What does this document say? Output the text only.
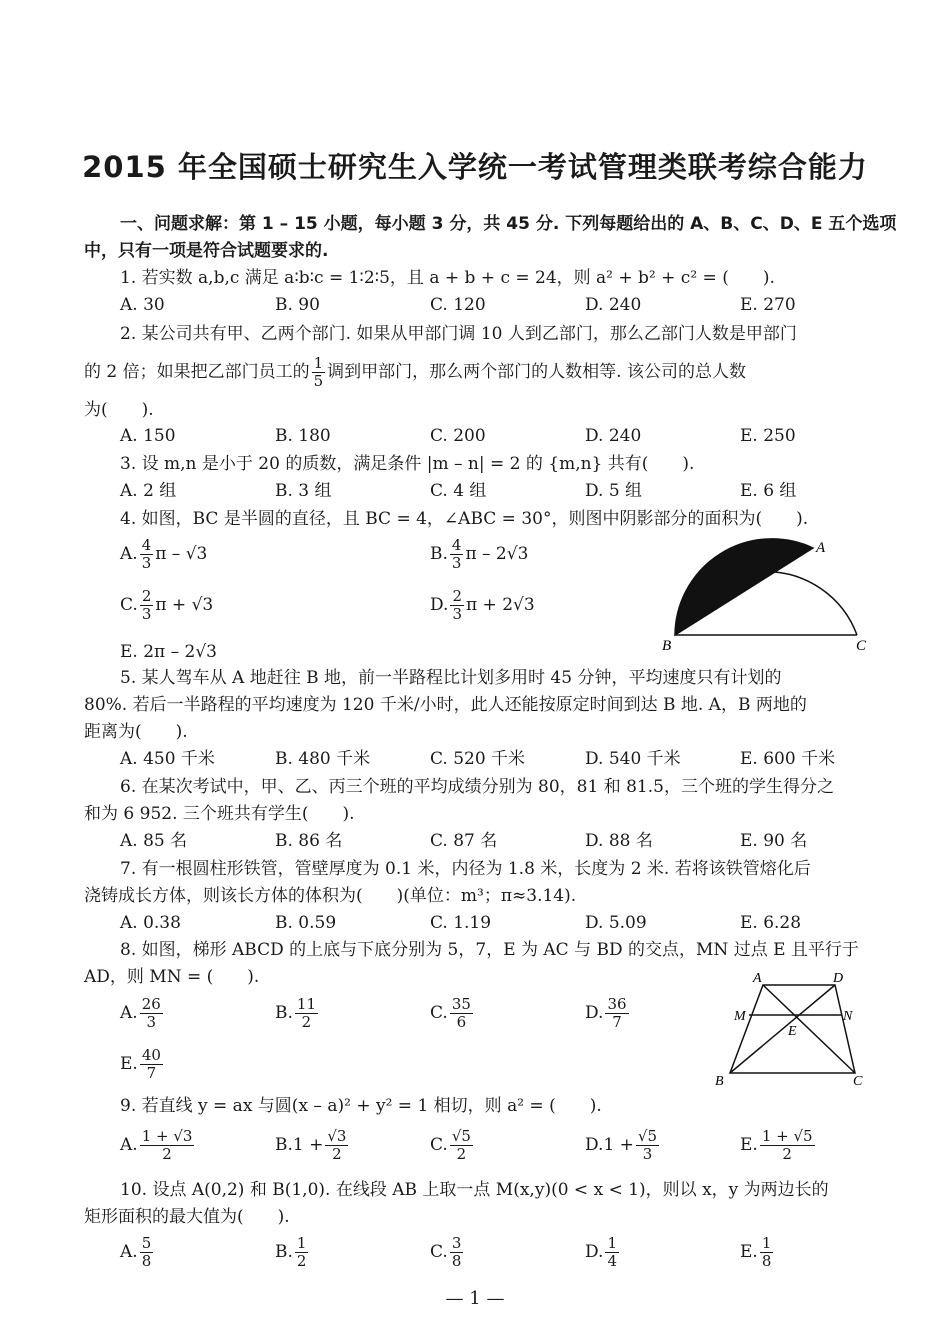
2015 年全国硕士研究生入学统一考试管理类联考综合能力
一、问题求解：第 1 – 15 小题，每小题 3 分，共 45 分. 下列每题给出的 A、B、C、D、E 五个选项
中，只有一项是符合试题要求的.
1. 若实数 a,b,c 满足 a∶b∶c = 1∶2∶5，且 a + b + c = 24，则 a² + b² + c² = (　　).
A. 30	B. 90	C. 120	D. 240	E. 270
2. 某公司共有甲、乙两个部门. 如果从甲部门调 10 人到乙部门，那么乙部门人数是甲部门
的 2 倍；如果把乙部门员工的 $\frac{1}{5}$ 调到甲部门，那么两个部门的人数相等. 该公司的总人数
为(　　).
A. 150	B. 180	C. 200	D. 240	E. 250
3. 设 m,n 是小于 20 的质数，满足条件 |m – n| = 2 的 {m,n} 共有(　　).
A. 2 组	B. 3 组	C. 4 组	D. 5 组	E. 6 组
4. 如图，BC 是半圆的直径，且 BC = 4，∠ABC = 30°，则图中阴影部分的面积为(　　).
A. $\frac{4}{3}$ π – √3	B. $\frac{4}{3}$ π – 2√3
C. $\frac{2}{3}$ π + √3	D. $\frac{2}{3}$ π + 2√3
E. 2π – 2√3
A
B	C
5. 某人驾车从 A 地赶往 B 地，前一半路程比计划多用时 45 分钟，平均速度只有计划的
80%. 若后一半路程的平均速度为 120 千米/小时，此人还能按原定时间到达 B 地. A，B 两地的
距离为(　　).
A. 450 千米	B. 480 千米	C. 520 千米	D. 540 千米	E. 600 千米
6. 在某次考试中，甲、乙、丙三个班的平均成绩分别为 80，81 和 81.5，三个班的学生得分之
和为 6 952. 三个班共有学生(　　).
A. 85 名	B. 86 名	C. 87 名	D. 88 名	E. 90 名
7. 有一根圆柱形铁管，管壁厚度为 0.1 米，内径为 1.8 米，长度为 2 米. 若将该铁管熔化后
浇铸成长方体，则该长方体的体积为(　　)(单位：m³；π≈3.14).
A. 0.38	B. 0.59	C. 1.19	D. 5.09	E. 6.28
8. 如图，梯形 ABCD 的上底与下底分别为 5，7，E 为 AC 与 BD 的交点，MN 过点 E 且平行于
AD，则 MN = (　　).
A. $\frac{26}{3}$	B. $\frac{11}{2}$	C. $\frac{35}{6}$	D. $\frac{36}{7}$
E. $\frac{40}{7}$
A	D
M	N
E
B	C
9. 若直线 y = ax 与圆(x – a)² + y² = 1 相切，则 a² = (　　).
A. $\frac{1 + √3}{2}$	$B.1 + \frac{√3}{2}$	C. $\frac{√5}{2}$	$D.1 + \frac{√5}{3}$	E. $\frac{1 + √5}{2}$
10. 设点 A(0,2) 和 B(1,0). 在线段 AB 上取一点 M(x,y)(0 < x < 1)，则以 x，y 为两边长的
矩形面积的最大值为(　　).
A. $\frac{5}{8}$	B. $\frac{1}{2}$	C. $\frac{3}{8}$	D. $\frac{1}{4}$	E. $\frac{1}{8}$
— 1 —
